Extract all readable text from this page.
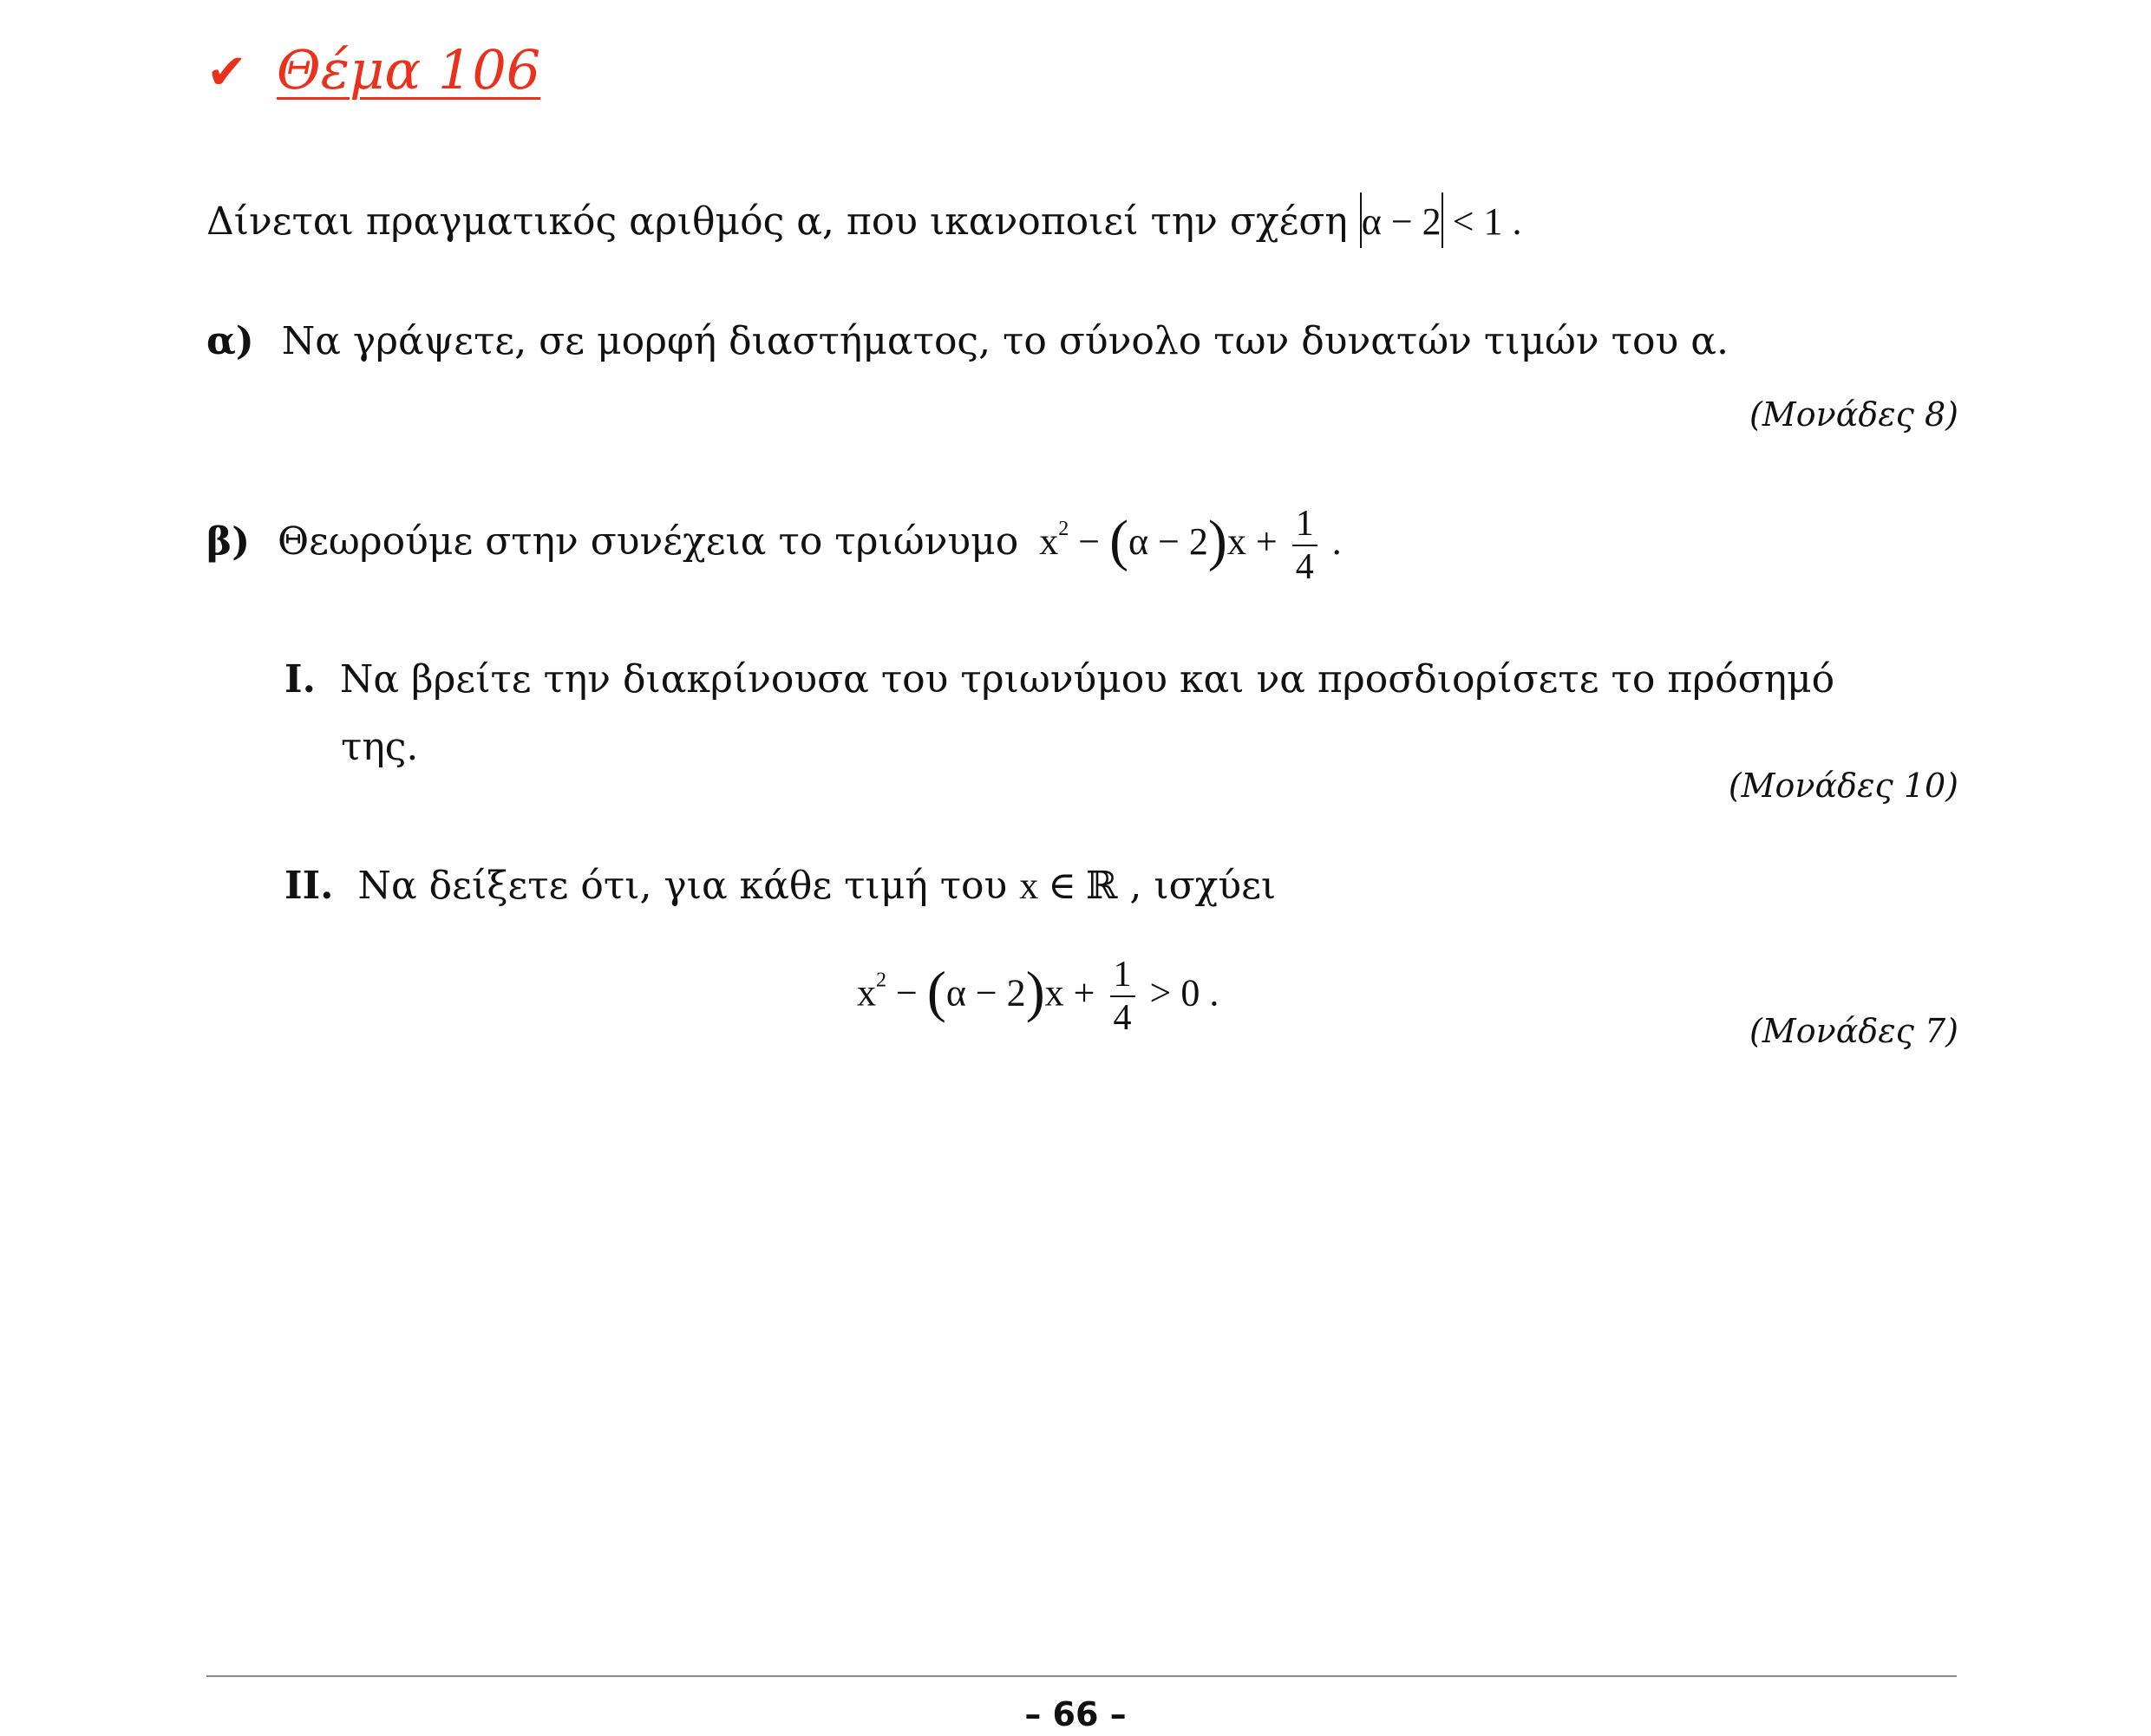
✔ Θέμα 106
Δίνεται πραγματικός αριθμός α, που ικανοποιεί την σχέση α − 2 < 1 .
α) Να γράψετε, σε μορφή διαστήματος, το σύνολο των δυνατών τιμών του α.
(Μονάδες 8)
β) Θεωρούμε στην συνέχεια το τριώνυμο $x^2 - (\alpha - 2)x + \frac{1}{4}$ .
I. Να βρείτε την διακρίνουσα του τριωνύμου και να προσδιορίσετε το πρόσημό
της.
(Μονάδες 10)
II. Να δείξετε ότι, για κάθε τιμή του x ∈ ℝ , ισχύει
$x^2 - (\alpha - 2)x + \frac{1}{4} > 0$ .
(Μονάδες 7)
– 66 –
